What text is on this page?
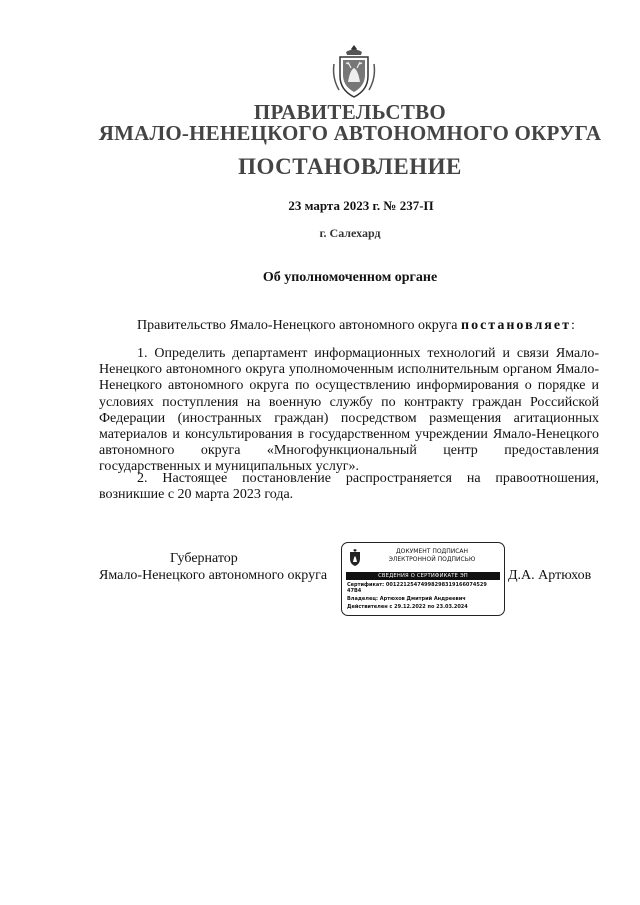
ПРАВИТЕЛЬСТВО
ЯМАЛО-НЕНЕЦКОГО АВТОНОМНОГО ОКРУГА
ПОСТАНОВЛЕНИЕ
23 марта 2023 г. № 237-П
г. Салехард
Об уполномоченном органе
Правительство Ямало-Ненецкого автономного округа постановляет:
1. Определить департамент информационных технологий и связи Ямало-Ненецкого автономного округа уполномоченным исполнительным органом Ямало-Ненецкого автономного округа по осуществлению информирования о порядке и условиях поступления на военную службу по контракту граждан Российской Федерации (иностранных граждан) посредством размещения агитационных материалов и консультирования в государственном учреждении Ямало-Ненецкого автономного округа «Многофункциональный центр предоставления государственных и муниципальных услуг».
2. Настоящее постановление распространяется на правоотношения, возникшие с 20 марта 2023 года.
Губернатор
Ямало-Ненецкого автономного округа	Д.А. Артюхов
ДОКУМЕНТ ПОДПИСАН
ЭЛЕКТРОННОЙ ПОДПИСЬЮ
СВЕДЕНИЯ О СЕРТИФИКАТЕ ЭП
Сертификат: 00122125474998298319166074529
47B4
Владелец: Артюхов Дмитрий Андреевич
Действителен с 29.12.2022 по 23.03.2024
